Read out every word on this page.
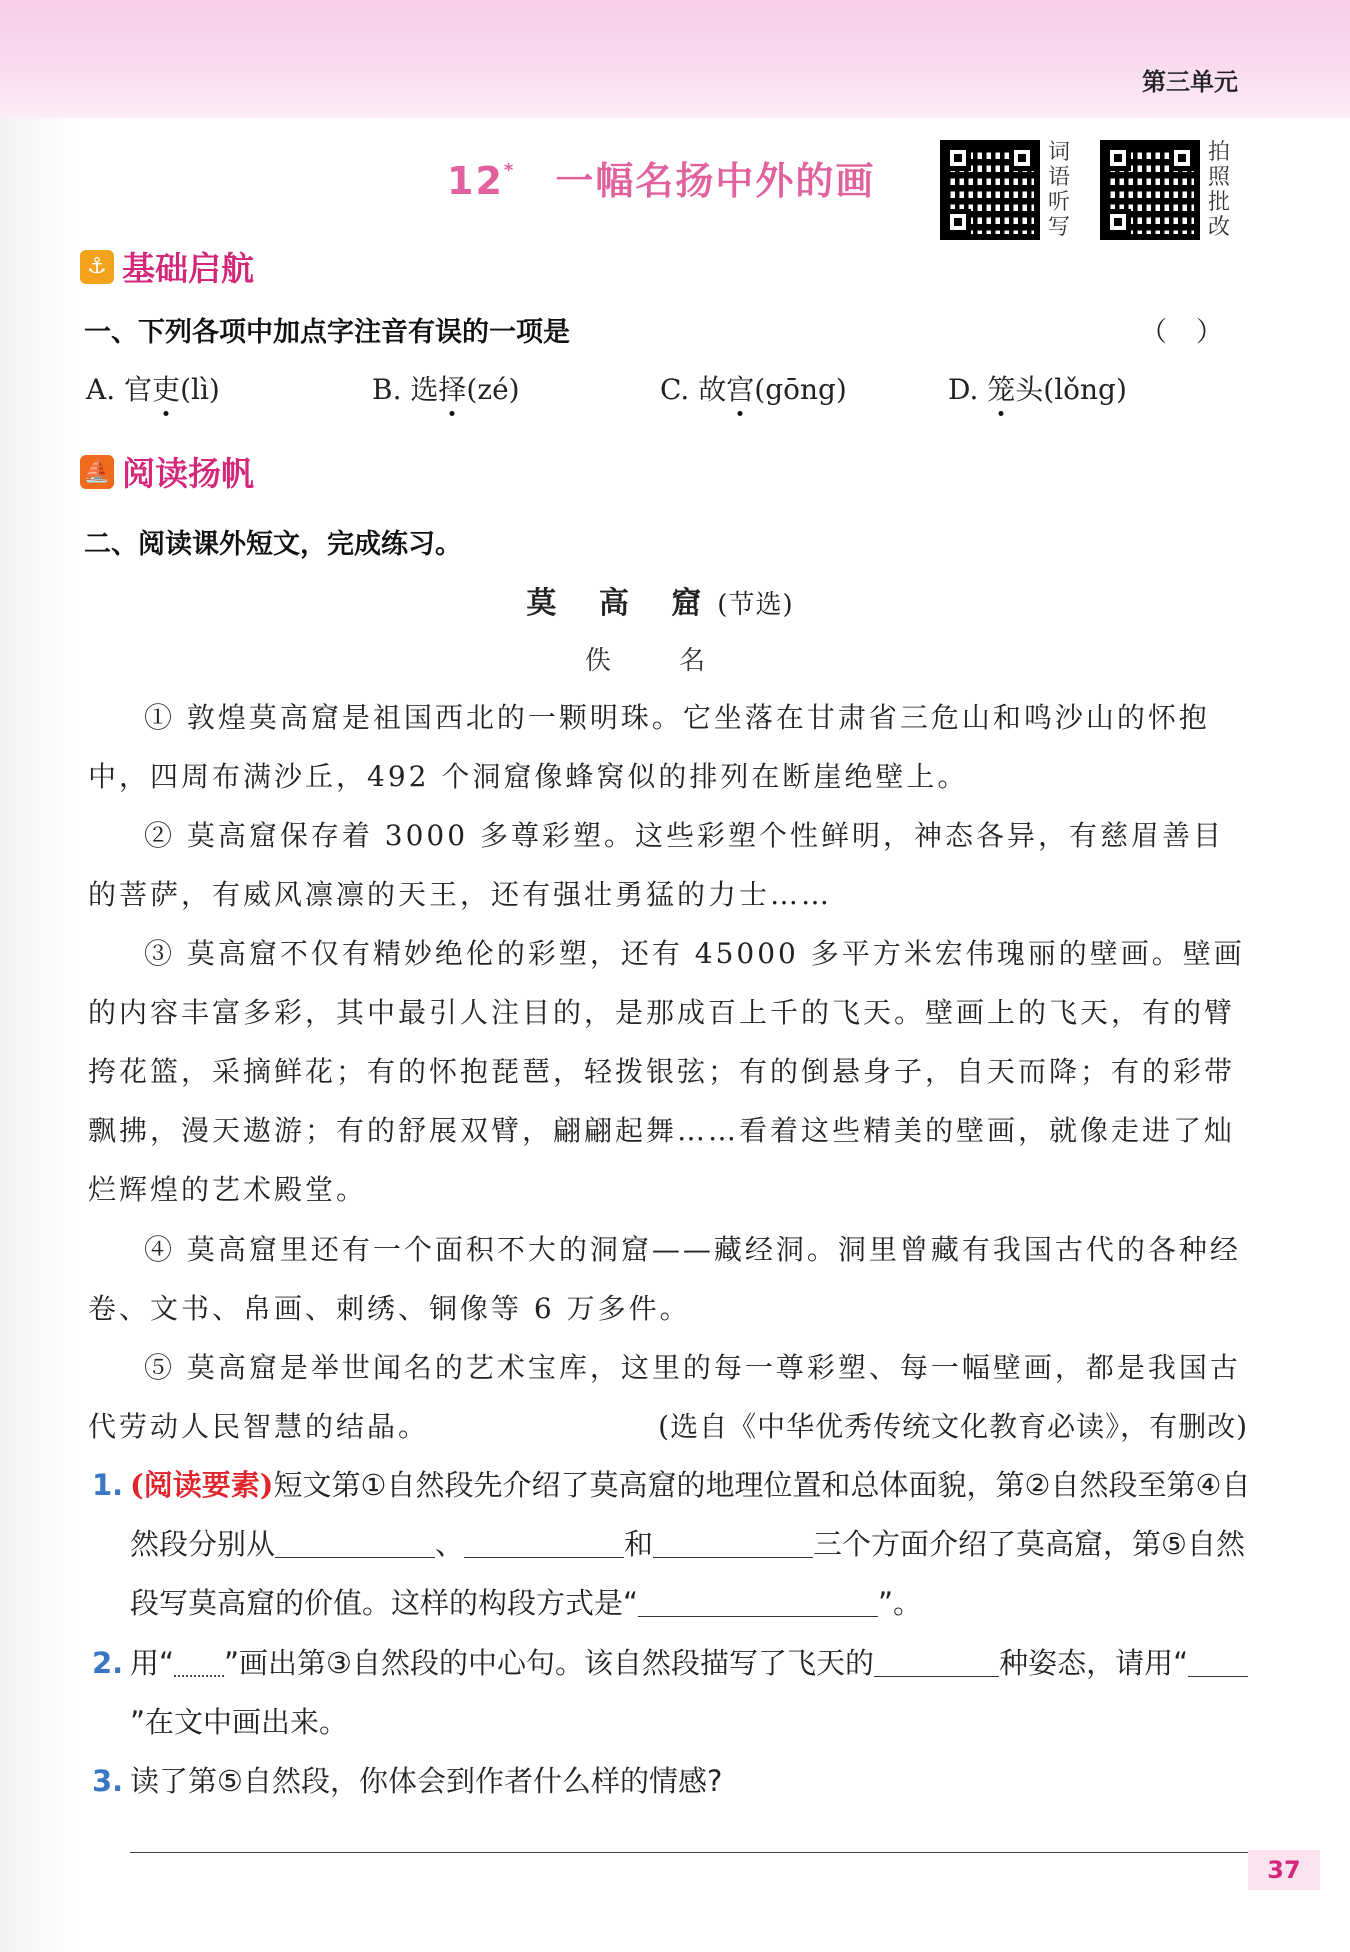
第三单元
12* 一幅名扬中外的画
词语听写
拍照批改
⚓ 基础启航
一、下列各项中加点字注音有误的一项是	（ ）
A. 官吏(lì)	B. 选择(zé)	C. 故宫(gōng)	D. 笼头(lǒng)
⛵ 阅读扬帆
二、阅读课外短文，完成练习。
莫 高 窟(节选)
佚 名

① 敦煌莫高窟是祖国西北的一颗明珠。它坐落在甘肃省三危山和鸣沙山的怀抱中，四周布满沙丘，492 个洞窟像蜂窝似的排列在断崖绝壁上。

② 莫高窟保存着 3000 多尊彩塑。这些彩塑个性鲜明，神态各异，有慈眉善目的菩萨，有威风凛凛的天王，还有强壮勇猛的力士……

③ 莫高窟不仅有精妙绝伦的彩塑，还有 45000 多平方米宏伟瑰丽的壁画。壁画的内容丰富多彩，其中最引人注目的，是那成百上千的飞天。壁画上的飞天，有的臂挎花篮，采摘鲜花；有的怀抱琵琶，轻拨银弦；有的倒悬身子，自天而降；有的彩带飘拂，漫天遨游；有的舒展双臂，翩翩起舞……看着这些精美的壁画，就像走进了灿烂辉煌的艺术殿堂。

④ 莫高窟里还有一个面积不大的洞窟——藏经洞。洞里曾藏有我国古代的各种经卷、文书、帛画、刺绣、铜像等 6 万多件。

⑤ 莫高窟是举世闻名的艺术宝库，这里的每一尊彩塑、每一幅壁画，都是我国古代劳动人民智慧的结晶。	(选自《中华优秀传统文化教育必读》，有删改)

1. (阅读要素)短文第①自然段先介绍了莫高窟的地理位置和总体面貌，第②自然段至第④自然段分别从	、	和	三个方面介绍了莫高窟，第⑤自然段写莫高窟的价值。这样的构段方式是“	”。
2. 用“ ”画出第③自然段的中心句。该自然段描写了飞天的	种姿态，请用“”在文中画出来。
3. 读了第⑤自然段，你体会到作者什么样的情感?
37
